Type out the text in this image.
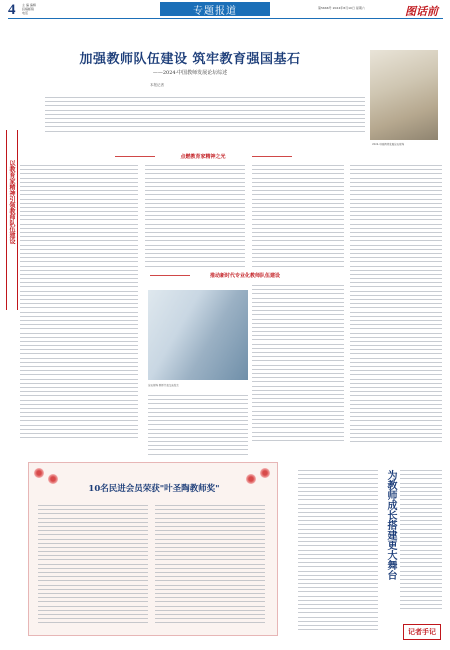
4 主 编 编辑
投稿邮箱
电话	专题报道	第5666号 2024年8月10日 星期六	图话前
加强教师队伍建设 筑牢教育强国基石
——2024·中国教师发展论坛综述
本报记者
2024·中国教师发展论坛现场
以教育家精神引领教师队伍建设
点燃教育家精神之光
推动新时代专业化教师队伍建设
论坛现场 教师代表交流发言
10名民进会员荣获"叶圣陶教师奖"	为教师成长搭建更大舞台
记者手记
